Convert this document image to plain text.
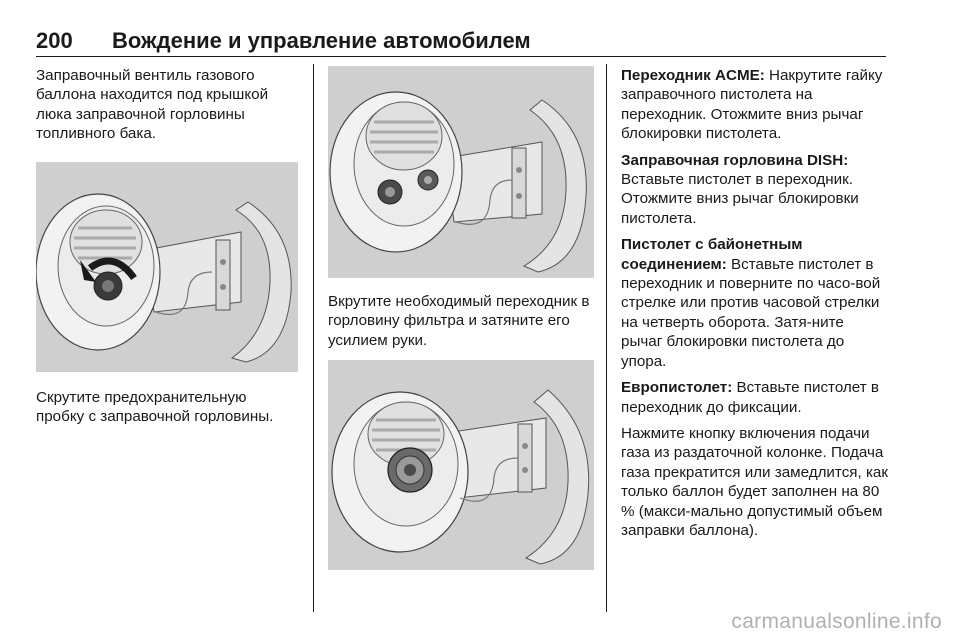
200	Вождение и управление автомобилем

Заправочный вентиль газового баллона находится под крышкой люка заправочной горловины топливного бака.

Скрутите предохранительную пробку с заправочной горловины.

Вкрутите необходимый переходник в горловину фильтра и затяните его усилием руки.

Переходник ACME: Накрутите гайку заправочного пистолета на переходник. Отожмите вниз рычаг блокировки пистолета.

Заправочная горловина DISH:
Вставьте пистолет в переходник. Отожмите вниз рычаг блокировки пистолета.

Пистолет с байонетным соединением: Вставьте пистолет в переходник и поверните по часо-вой стрелке или против часовой стрелки на четверть оборота. Затя-ните рычаг блокировки пистолета до упора.

Европистолет: Вставьте пистолет в переходник до фиксации.

Нажмите кнопку включения подачи газа из раздаточной колонке. Подача газа прекратится или замедлится, как только баллон будет заполнен на 80 % (макси-мально допустимый объем заправки баллона).

carmanualsonline.info
